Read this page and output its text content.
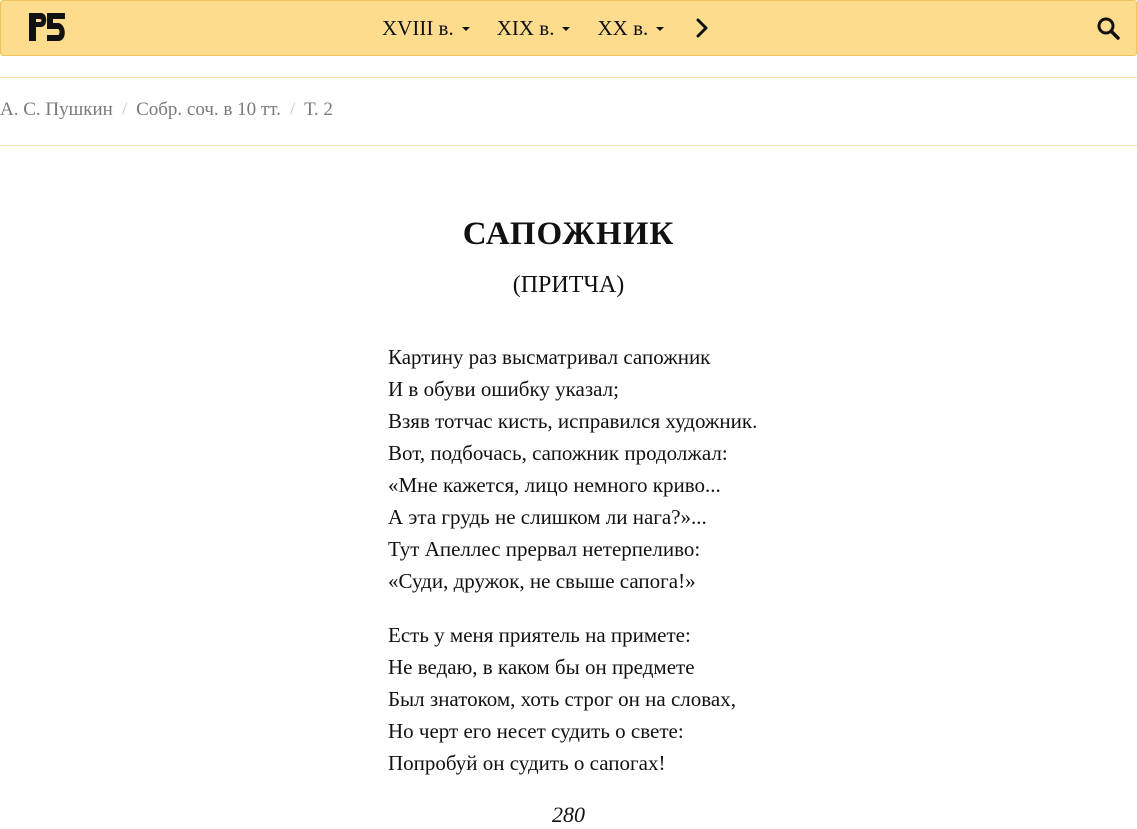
XVIII в. XIX в. XX в.
А. С. Пушкин / Собр. соч. в 10 тт. / Т. 2
САПОЖНИК
(ПРИТЧА)
Картину раз высматривал сапожник
И в обуви ошибку указал;
Взяв тотчас кисть, исправился художник.
Вот, подбочась, сапожник продолжал:
«Мне кажется, лицо немного криво...
А эта грудь не слишком ли нага?»...
Тут Апеллес прервал нетерпеливо:
«Суди, дружок, не свыше сапога!»
Есть у меня приятель на примете:
Не ведаю, в каком бы он предмете
Был знатоком, хоть строг он на словах,
Но черт его несет судить о свете:
Попробуй он судить о сапогах!
280
